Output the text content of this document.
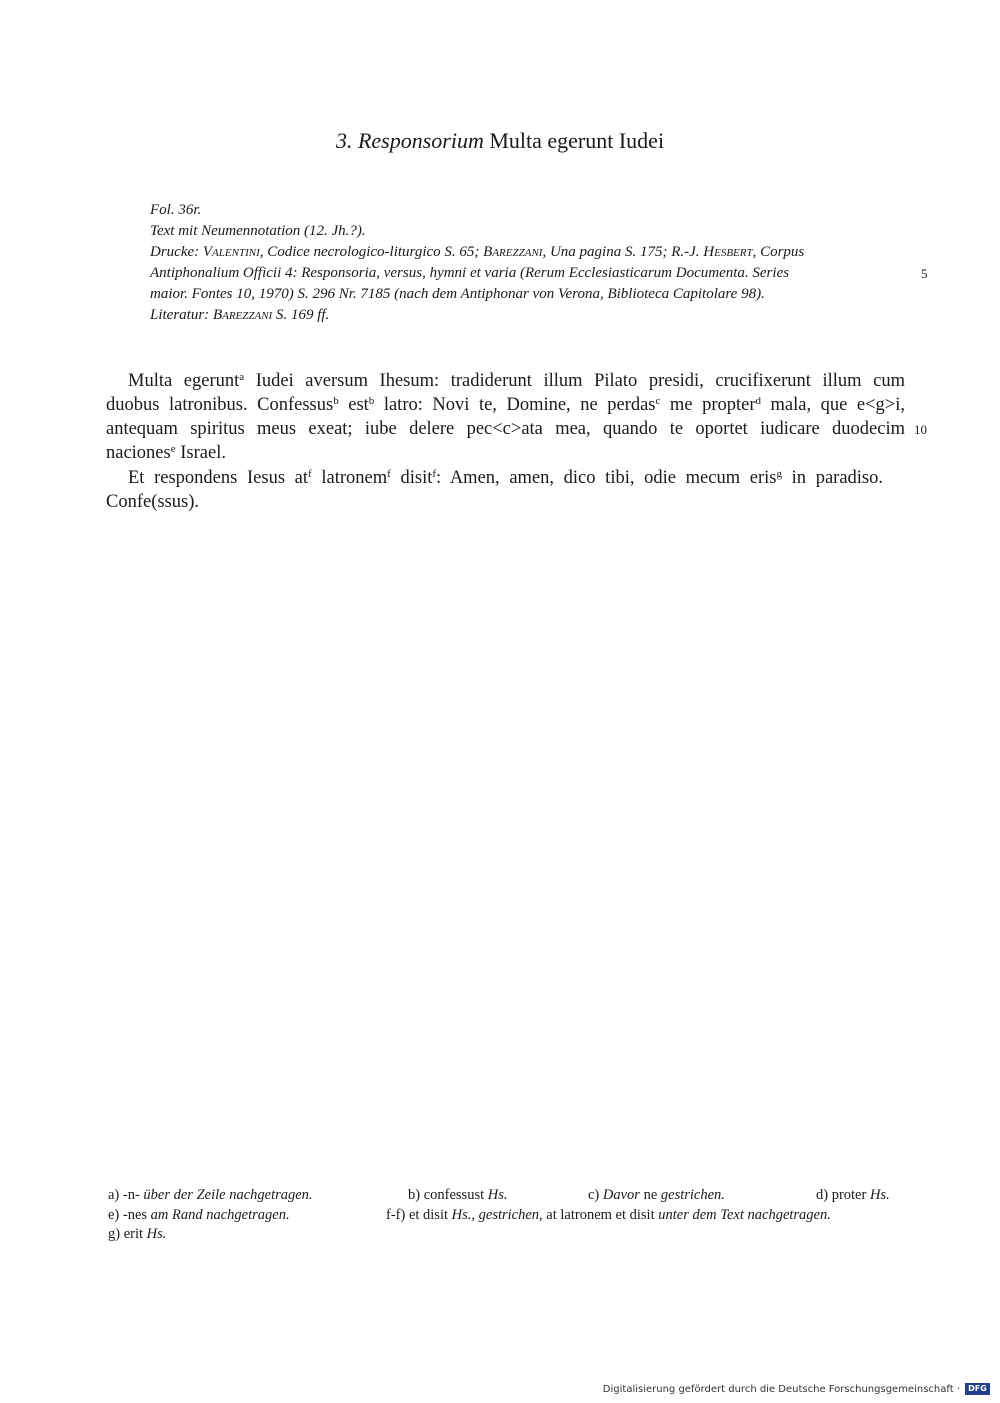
3. Responsorium Multa egerunt Iudei
Fol. 36r.
Text mit Neumennotation (12. Jh.?).
Drucke: Valentini, Codice necrologico-liturgico S. 65; Barezzani, Una pagina S. 175; R.-J. Hesbert, Corpus
Antiphonalium Officii 4: Responsoria, versus, hymni et varia (Rerum Ecclesiasticarum Documenta. Series	5
maior. Fontes 10, 1970) S. 296 Nr. 7185 (nach dem Antiphonar von Verona, Biblioteca Capitolare 98).
Literatur: Barezzani S. 169 ff.
Multa egerunt$^a$ Iudei aversum Ihesum: tradiderunt illum Pilato presidi, crucifixerunt illum cum
duobus latronibus. Confessus$^b$ est$^b$ latro: Novi te, Domine, ne perdas$^c$ me propter$^d$ mala, que e<g>i,
antequam spiritus meus exeat; iube delere pec<c>ata mea, quando te oportet iudicare duodecim 10
naciones$^e$ Israel.
Et respondens Iesus $at^f$ latronem$^f$ disit$^f$: Amen, amen, dico tibi, odie mecum eris$^g$ in paradiso.
Confe(ssus).
a) -n- über der Zeile nachgetragen.	b) confessust Hs.	c) Davor ne gestrichen.	d) proter Hs.
e) -nes am Rand nachgetragen.	f-f) et disit Hs., gestrichen, at latronem et disit unter dem Text nachgetragen.
g) erit Hs.
Digitalisierung gefördert durch die Deutsche Forschungsgemeinschaft ·	DFG
